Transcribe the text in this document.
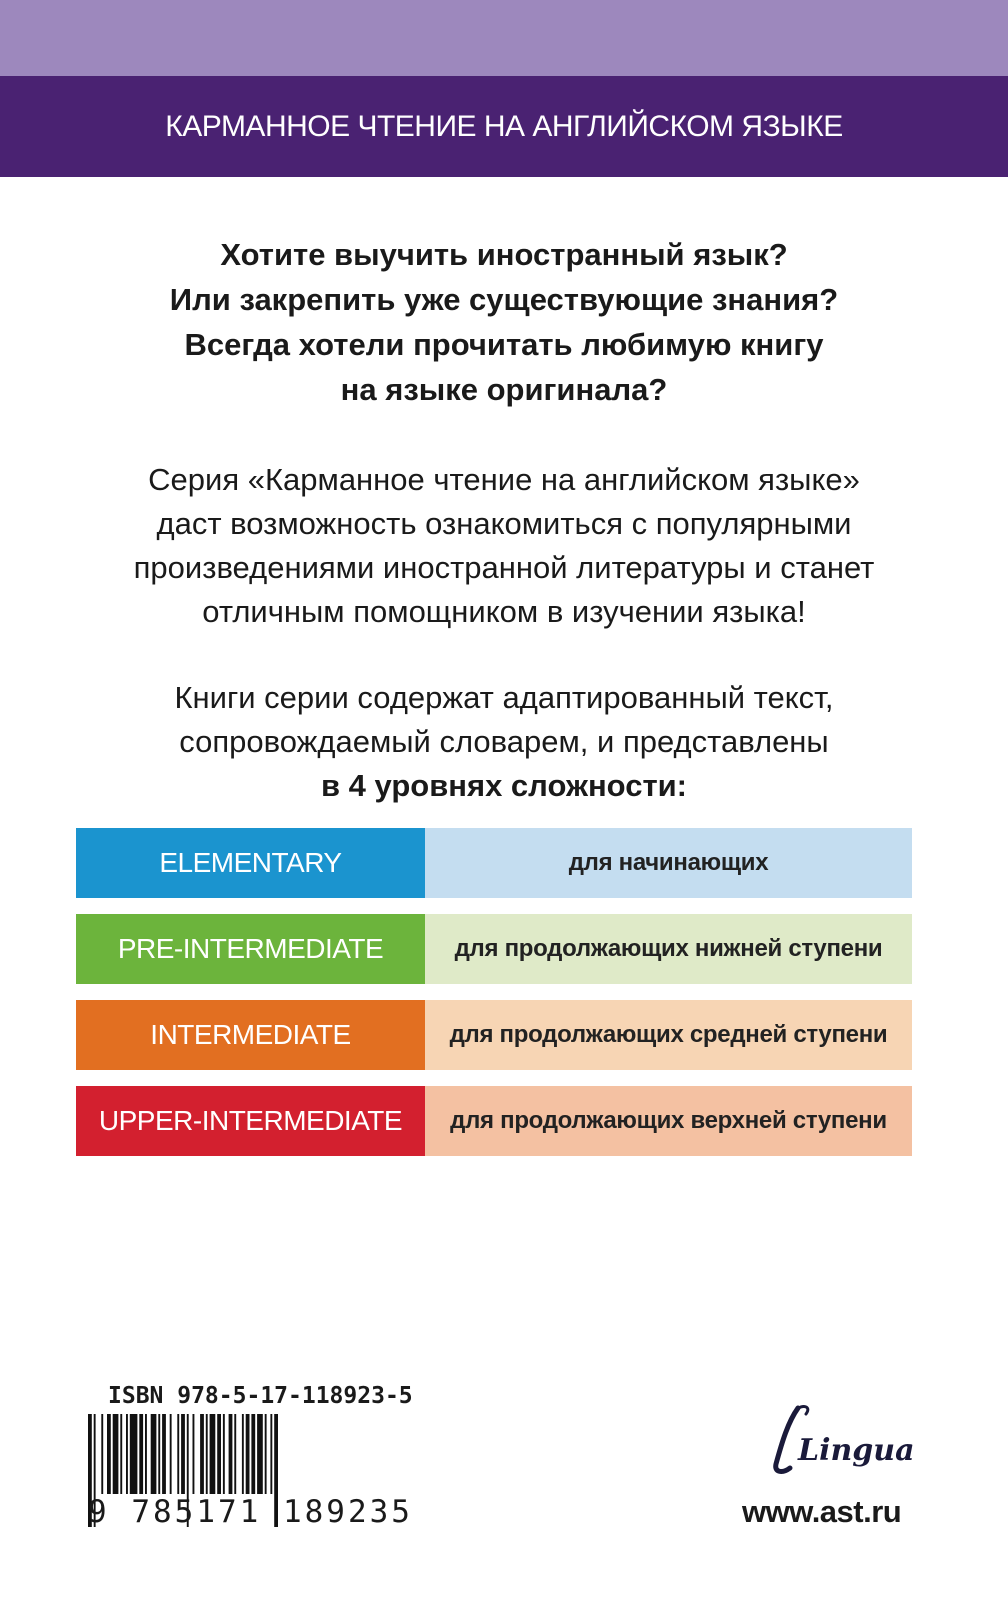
КАРМАННОЕ ЧТЕНИЕ НА АНГЛИЙСКОМ ЯЗЫКЕ
Хотите выучить иностранный язык?
Или закрепить уже существующие знания?
Всегда хотели прочитать любимую книгу
на языке оригинала?
Серия «Карманное чтение на английском языке»
даст возможность ознакомиться с популярными
произведениями иностранной литературы и станет
отличным помощником в изучении языка!
Книги серии содержат адаптированный текст,
сопровождаемый словарем, и представлены
в 4 уровнях сложности:
ELEMENTARY	для начинающих
PRE-INTERMEDIATE	для продолжающих нижней ступени
INTERMEDIATE	для продолжающих средней ступени
UPPER-INTERMEDIATE	для продолжающих верхней ступени
ISBN 978-5-17-118923-5
9 785171 189235
Lingua
www.ast.ru
